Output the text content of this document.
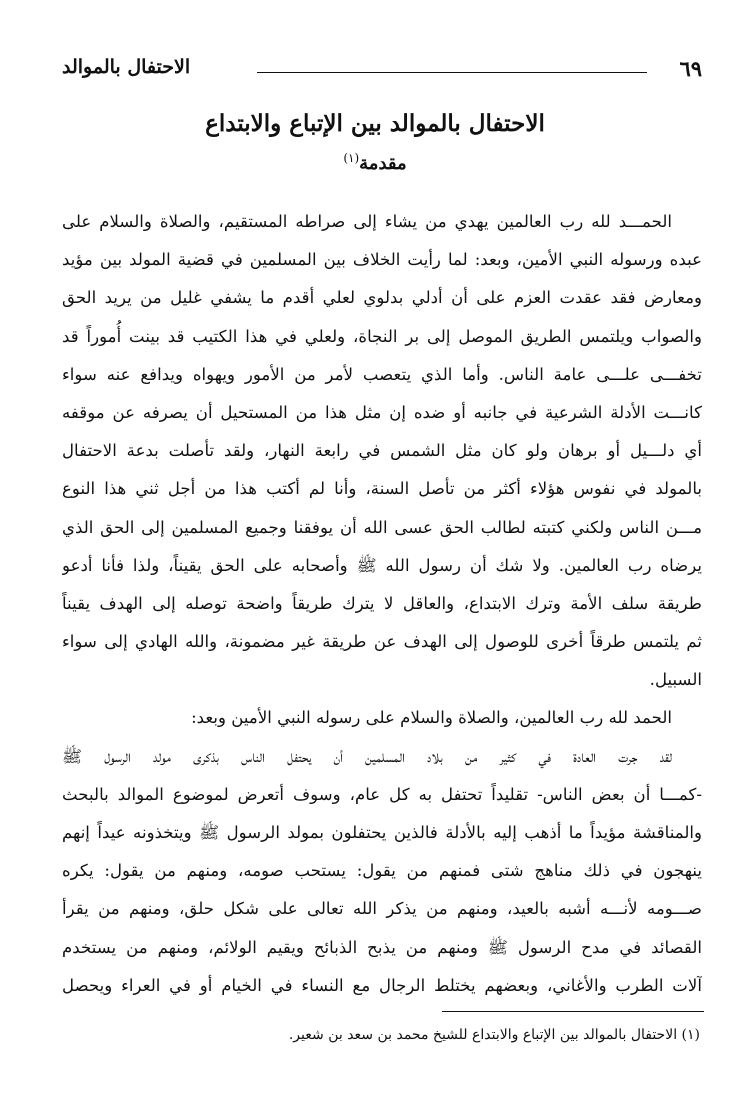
٦٩
الاحتفال بالموالد
الاحتفال بالموالد بين الإتباع والابتداع
مقدمة$^{(١)}$
الحمـــد لله رب العالمين يهدي من يشاء إلى صراطه المستقيم، والصلاة والسلام على
عبده ورسوله النبي الأمين، وبعد: لما رأيت الخلاف بين المسلمين في قضية المولد بين مؤيد
ومعارض فقد عقدت العزم على أن أدلي بدلوي لعلي أقدم ما يشفي غليل من يريد الحق
والصواب ويلتمس الطريق الموصل إلى بر النجاة، ولعلي في هذا الكتيب قد بينت أُموراً قد
تخفـــى علـــى عامة الناس. وأما الذي يتعصب لأمر من الأمور ويهواه ويدافع عنه سواء
كانـــت الأدلة الشرعية في جانبه أو ضده إن مثل هذا من المستحيل أن يصرفه عن موقفه
أي دلـــيل أو برهان ولو كان مثل الشمس في رابعة النهار، ولقد تأصلت بدعة الاحتفال
بالمولد في نفوس هؤلاء أكثر من تأصل السنة، وأنا لم أكتب هذا من أجل ثني هذا النوع
مـــن الناس ولكني كتبته لطالب الحق عسى الله أن يوفقنا وجميع المسلمين إلى الحق الذي
يرضاه رب العالمين. ولا شك أن رسول الله ﷺ وأصحابه على الحق يقيناً، ولذا فأنا أدعو
طريقة سلف الأمة وترك الابتداع، والعاقل لا يترك طريقاً واضحة توصله إلى الهدف يقيناً
ثم يلتمس طرقاً أخرى للوصول إلى الهدف عن طريقة غير مضمونة، والله الهادي إلى سواء
السبيل.
الحمد لله رب العالمين، والصلاة والسلام على رسوله النبي الأمين وبعد:
لقد جرت العادة في كثير من بلاد المسلمين أن يحتفل الناس بذكرى مولد الرسول ﷺ
-كمـــا أن بعض الناس- تقليداً تحتفل به كل عام، وسوف أتعرض لموضوع الموالد بالبحث
والمناقشة مؤيداً ما أذهب إليه بالأدلة فالذين يحتفلون بمولد الرسول ﷺ ويتخذونه عيداً إنهم
ينهجون في ذلك مناهج شتى فمنهم من يقول: يستحب صومه، ومنهم من يقول: يكره
صـــومه لأنـــه أشبه بالعيد، ومنهم من يذكر الله تعالى على شكل حلق، ومنهم من يقرأ
القصائد في مدح الرسول ﷺ ومنهم من يذبح الذبائح ويقيم الولائم، ومنهم من يستخدم
آلات الطرب والأغاني، وبعضهم يختلط الرجال مع النساء في الخيام أو في العراء ويحصل
(١) الاحتفال بالموالد بين الإتباع والابتداع للشيخ محمد بن سعد بن شعير.
